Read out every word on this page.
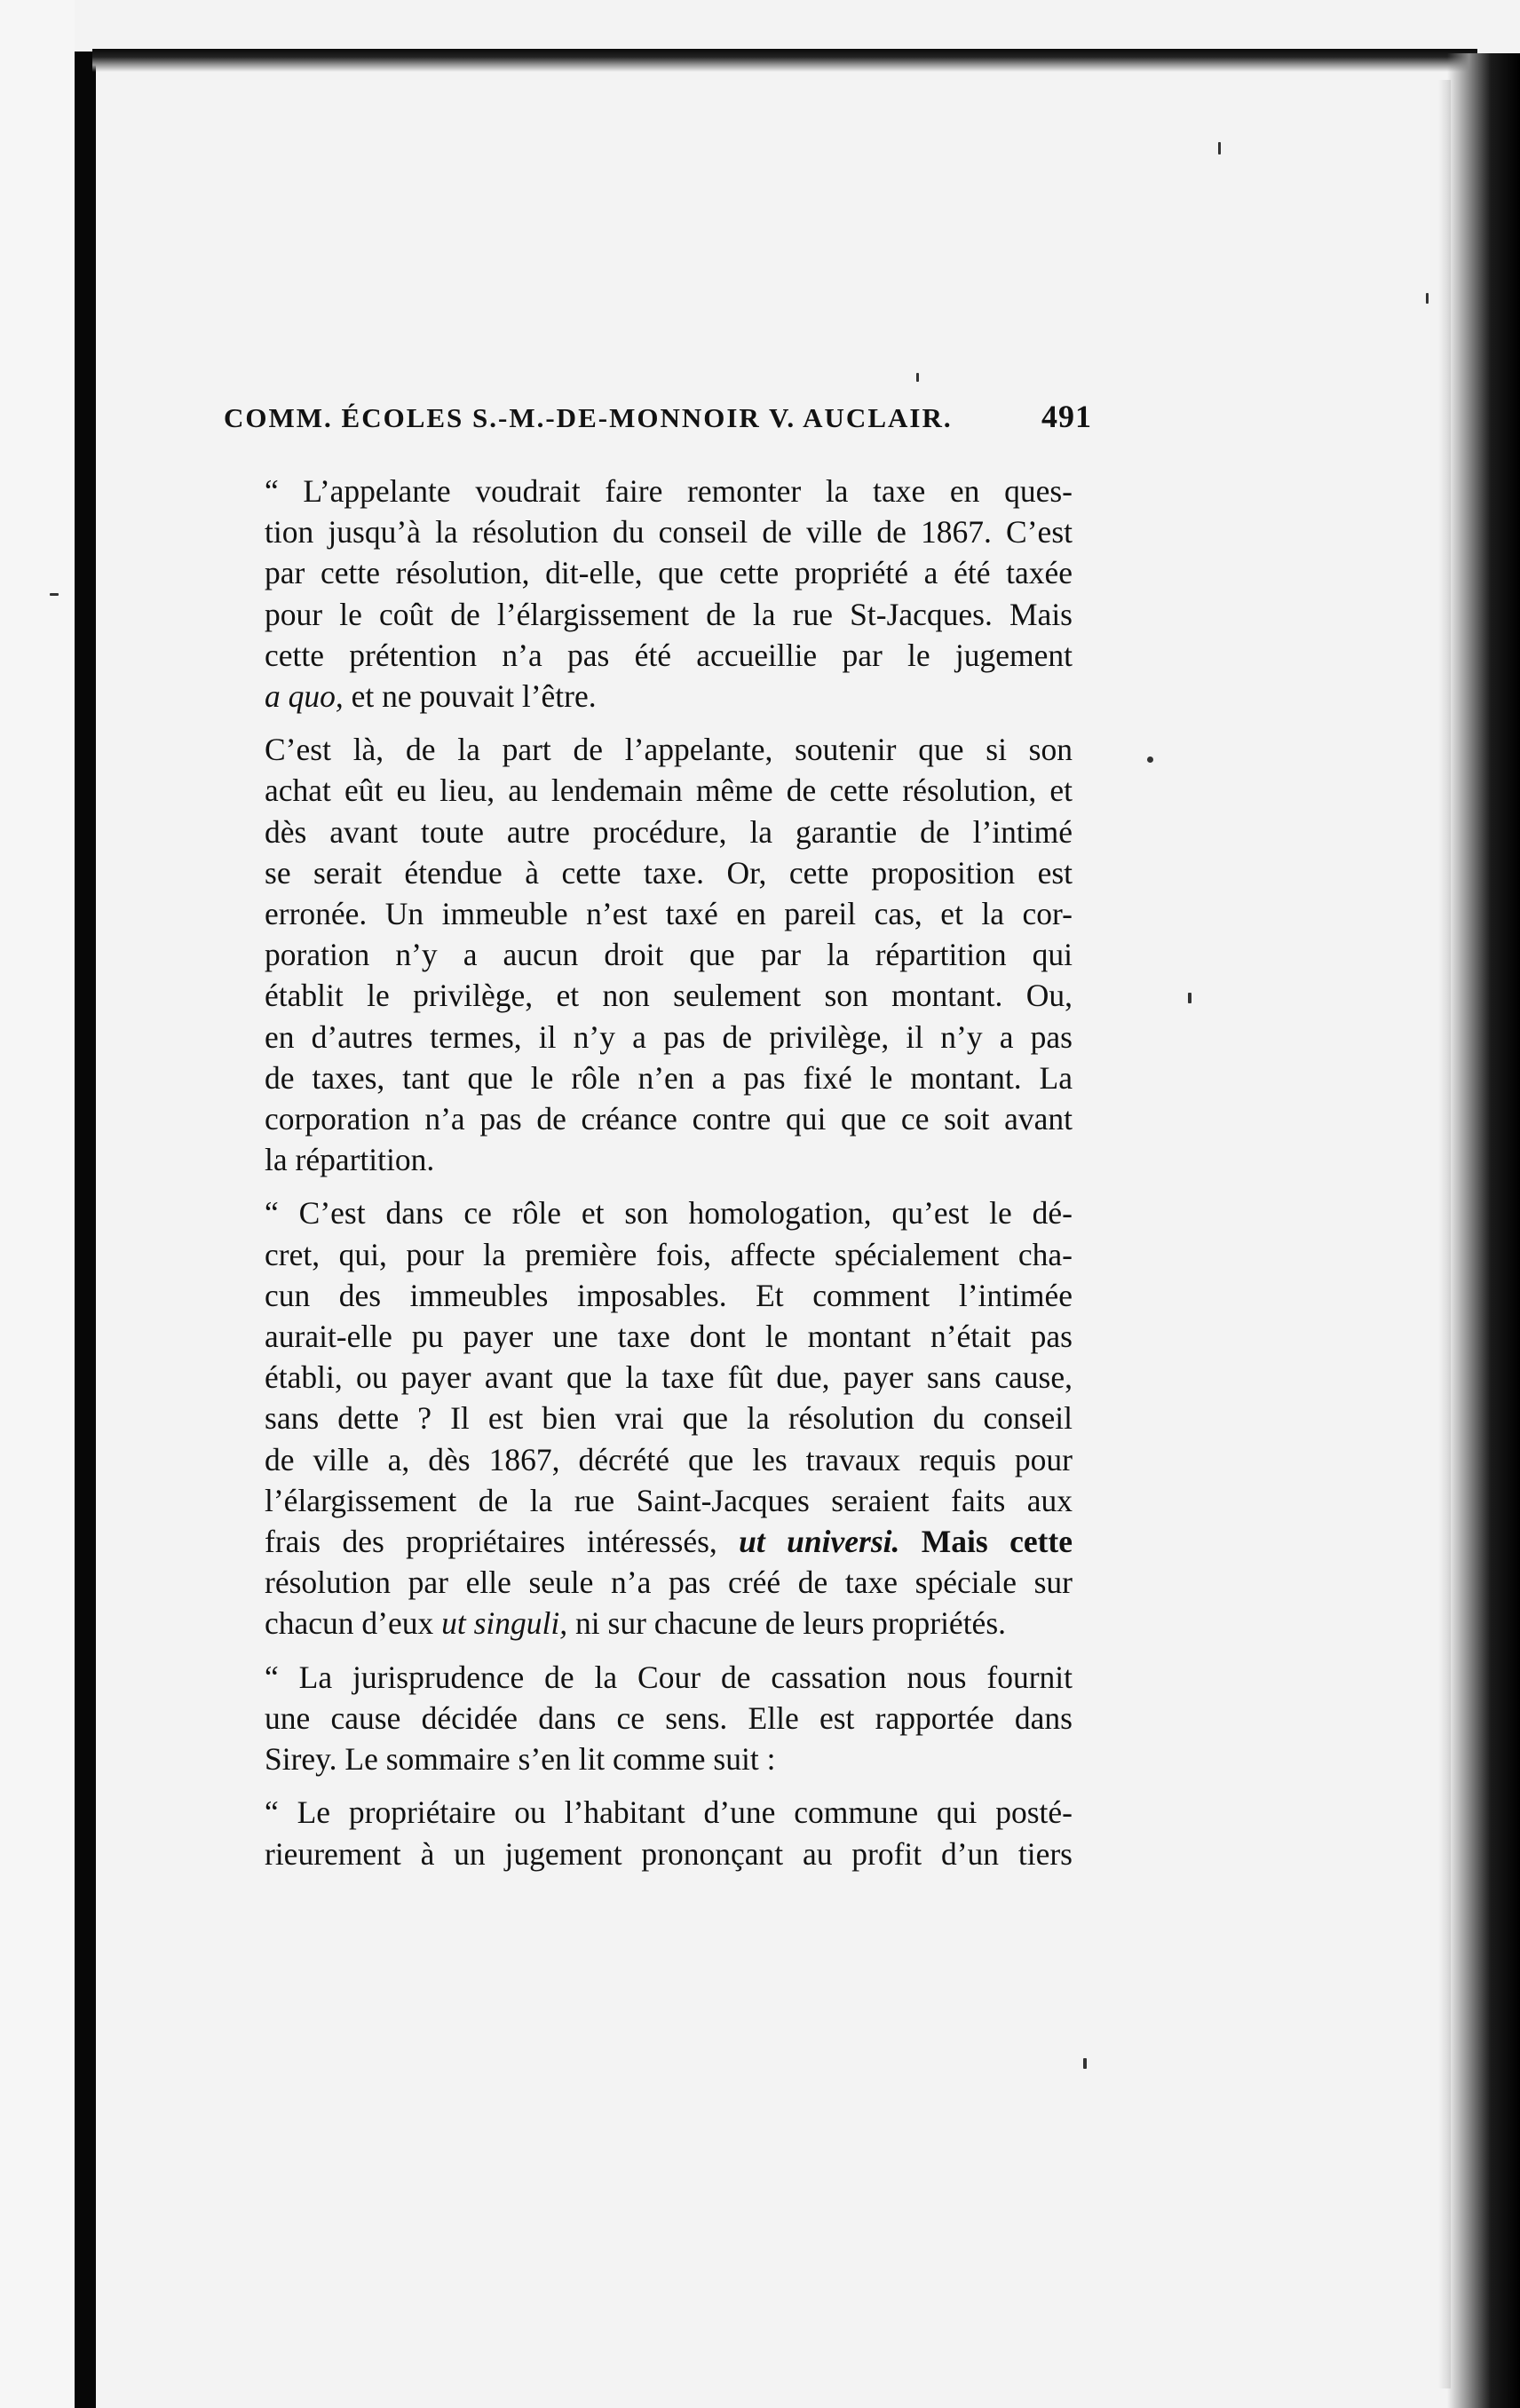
COMM. ÉCOLES S.-M.-DE-MONNOIR V. AUCLAIR.	491

“ L’appelante voudrait faire remonter la taxe en ques-
tion jusqu’à la résolution du conseil de ville de 1867. C’est
par cette résolution, dit-elle, que cette propriété a été taxée
pour le coût de l’élargissement de la rue St-Jacques. Mais
cette prétention n’a pas été accueillie par le jugement
a quo, et ne pouvait l’être.

C’est là, de la part de l’appelante, soutenir que si son
achat eût eu lieu, au lendemain même de cette résolution, et
dès avant toute autre procédure, la garantie de l’intimé
se serait étendue à cette taxe. Or, cette proposition est
erronée. Un immeuble n’est taxé en pareil cas, et la cor-
poration n’y a aucun droit que par la répartition qui
établit le privilège, et non seulement son montant. Ou,
en d’autres termes, il n’y a pas de privilège, il n’y a pas
de taxes, tant que le rôle n’en a pas fixé le montant. La
corporation n’a pas de créance contre qui que ce soit avant
la répartition.

“ C’est dans ce rôle et son homologation, qu’est le dé-
cret, qui, pour la première fois, affecte spécialement cha-
cun des immeubles imposables. Et comment l’intimée
aurait-elle pu payer une taxe dont le montant n’était pas
établi, ou payer avant que la taxe fût due, payer sans cause,
sans dette ? Il est bien vrai que la résolution du conseil
de ville a, dès 1867, décrété que les travaux requis pour
l’élargissement de la rue Saint-Jacques seraient faits aux
frais des propriétaires intéressés, ut universi. Mais cette
résolution par elle seule n’a pas créé de taxe spéciale sur
chacun d’eux ut singuli, ni sur chacune de leurs propriétés.

“ La jurisprudence de la Cour de cassation nous fournit
une cause décidée dans ce sens. Elle est rapportée dans
Sirey. Le sommaire s’en lit comme suit :

“ Le propriétaire ou l’habitant d’une commune qui posté-
rieurement à un jugement prononçant au profit d’un tiers
